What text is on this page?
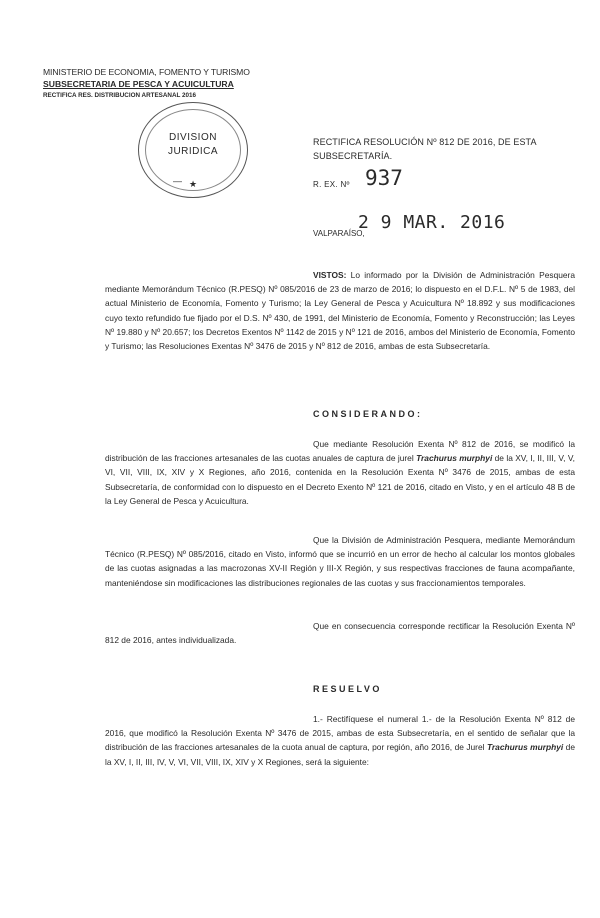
MINISTERIO DE ECONOMIA, FOMENTO Y TURISMO
SUBSECRETARIA DE PESCA Y ACUICULTURA
RECTIFICA RES. DISTRIBUCION ARTESANAL 2016
DIVISION
JURIDICA
— ★
RECTIFICA RESOLUCIÓN Nº 812 DE 2016, DE ESTA SUBSECRETARÍA.
R. EX. Nº 937
VALPARAÍSO,
2 9 MAR. 2016
VISTOS: Lo informado por la División de Administración Pesquera mediante Memorándum Técnico (R.PESQ) Nº 085/2016 de 23 de marzo de 2016; lo dispuesto en el D.F.L. Nº 5 de 1983, del actual Ministerio de Economía, Fomento y Turismo; la Ley General de Pesca y Acuicultura Nº 18.892 y sus modificaciones cuyo texto refundido fue fijado por el D.S. Nº 430, de 1991, del Ministerio de Economía, Fomento y Reconstrucción; las Leyes Nº 19.880 y Nº 20.657; los Decretos Exentos Nº 1142 de 2015 y Nº 121 de 2016, ambos del Ministerio de Economía, Fomento y Turismo; las Resoluciones Exentas Nº 3476 de 2015 y Nº 812 de 2016, ambas de esta Subsecretaría.
CONSIDERANDO:
Que mediante Resolución Exenta Nº 812 de 2016, se modificó la distribución de las fracciones artesanales de las cuotas anuales de captura de jurel Trachurus murphyi de la XV, I, II, III, V, V, VI, VII, VIII, IX, XIV y X Regiones, año 2016, contenida en la Resolución Exenta Nº 3476 de 2015, ambas de esta Subsecretaría, de conformidad con lo dispuesto en el Decreto Exento Nº 121 de 2016, citado en Visto, y en el artículo 48 B de la Ley General de Pesca y Acuicultura.
Que la División de Administración Pesquera, mediante Memorándum Técnico (R.PESQ) Nº 085/2016, citado en Visto, informó que se incurrió en un error de hecho al calcular los montos globales de las cuotas asignadas a las macrozonas XV-II Región y III-X Región, y sus respectivas fracciones de fauna acompañante, manteniéndose sin modificaciones las distribuciones regionales de las cuotas y sus fraccionamientos temporales.
Que en consecuencia corresponde rectificar la Resolución Exenta Nº 812 de 2016, antes individualizada.
RESUELVO
1.- Rectifíquese el numeral 1.- de la Resolución Exenta Nº 812 de 2016, que modificó la Resolución Exenta Nº 3476 de 2015, ambas de esta Subsecretaría, en el sentido de señalar que la distribución de las fracciones artesanales de la cuota anual de captura, por región, año 2016, de Jurel Trachurus murphyi de la XV, I, II, III, IV, V, VI, VII, VIII, IX, XIV y X Regiones, será la siguiente:
